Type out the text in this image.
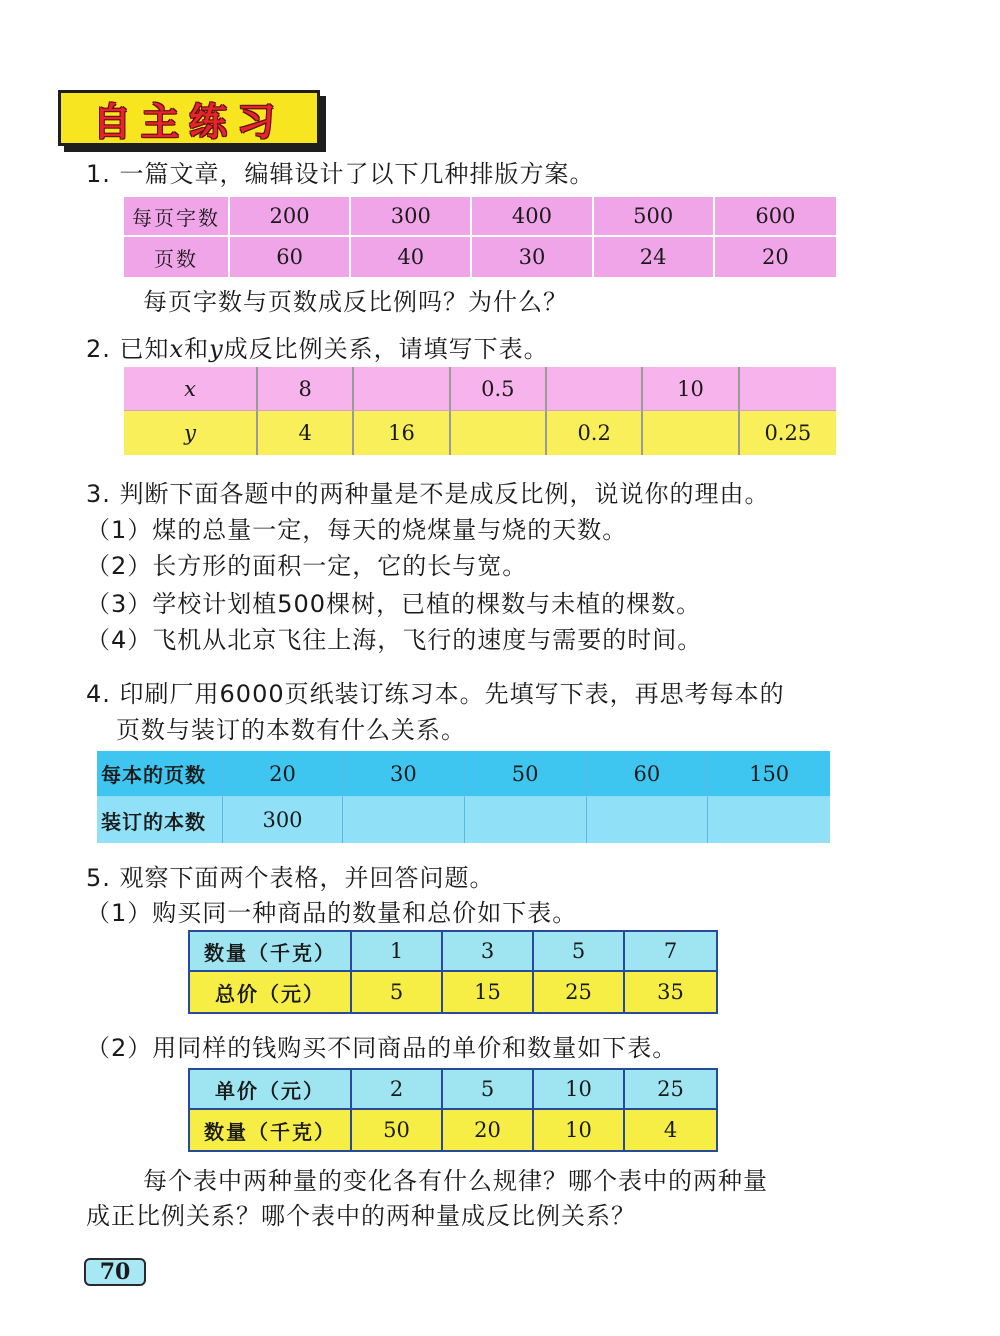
自主练习
1. 一篇文章，编辑设计了以下几种排版方案。
每页字数	200	300	400	500	600
页数	60	40	30	24	20
每页字数与页数成反比例吗？为什么？
2. 已知x和y成反比例关系，请填写下表。
x	8		0.5		10	
y	4	16		0.2		0.25
3. 判断下面各题中的两种量是不是成反比例，说说你的理由。
（1）煤的总量一定，每天的烧煤量与烧的天数。
（2）长方形的面积一定，它的长与宽。
（3）学校计划植500棵树，已植的棵数与未植的棵数。
（4）飞机从北京飞往上海，飞行的速度与需要的时间。
4. 印刷厂用6000页纸装订练习本。先填写下表，再思考每本的
页数与装订的本数有什么关系。
每本的页数	20	30	50	60	150
装订的本数	300				
5. 观察下面两个表格，并回答问题。
（1）购买同一种商品的数量和总价如下表。
数量（千克）	1	3	5	7
总价（元）	5	15	25	35
（2）用同样的钱购买不同商品的单价和数量如下表。
单价（元）	2	5	10	25
数量（千克）	50	20	10	4
每个表中两种量的变化各有什么规律？哪个表中的两种量
成正比例关系？哪个表中的两种量成反比例关系？
70
